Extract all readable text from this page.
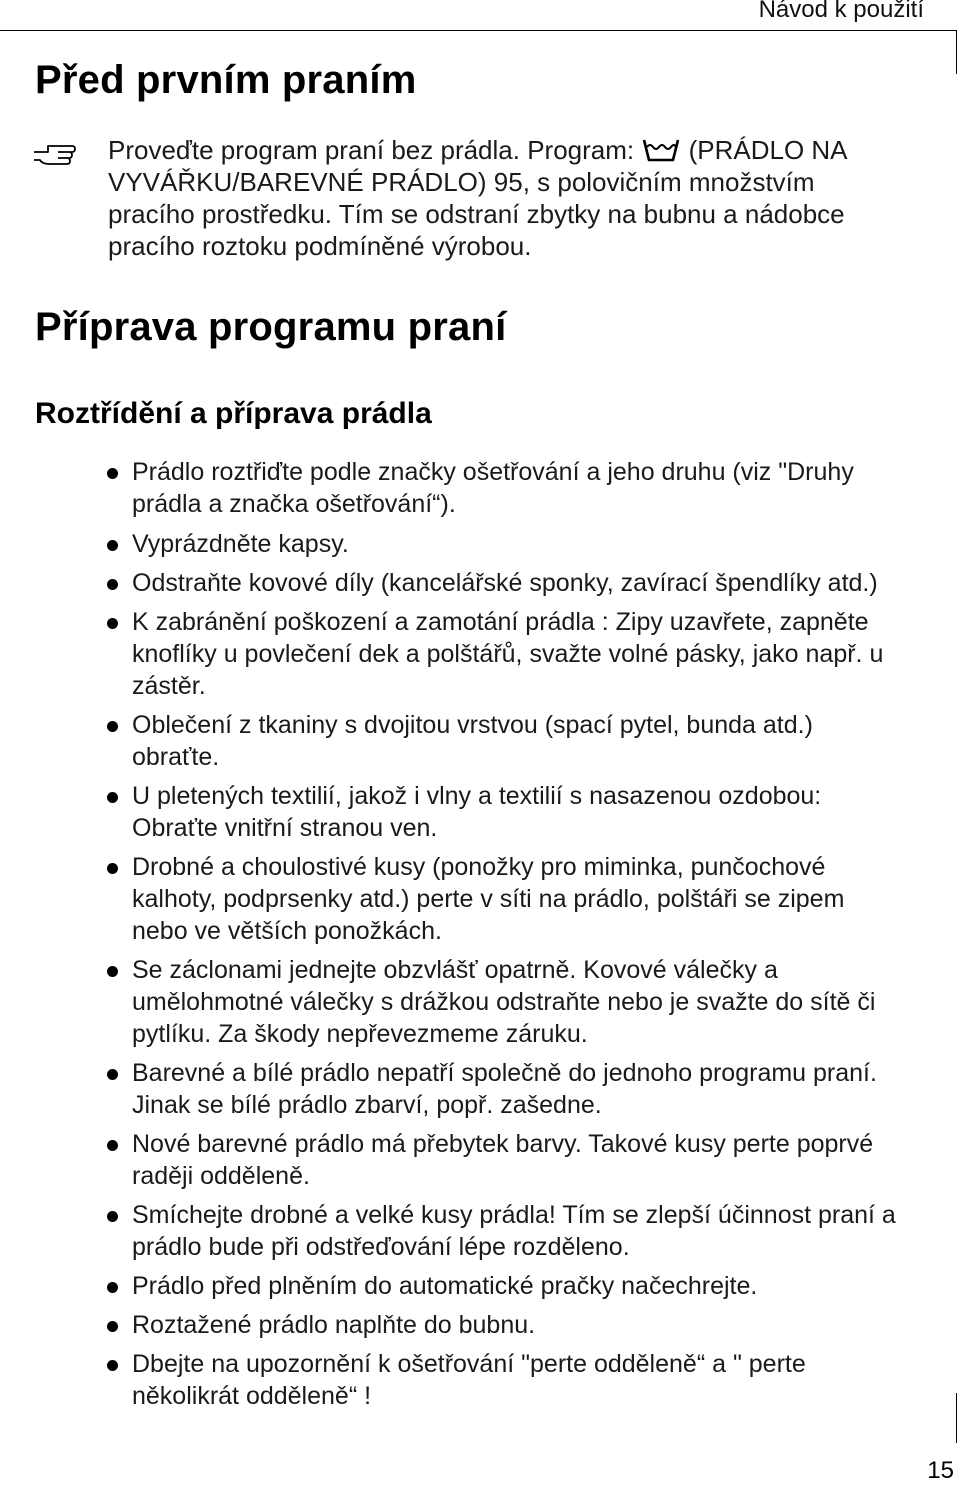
Návod k použití
Před prvním praním
Proveďte program praní bez prádla. Program: (PRÁDLO NA VYVÁŘKU/BAREVNÉ PRÁDLO) 95, s polovičním množstvím pracího prostředku. Tím se odstraní zbytky na bubnu a nádobce pracího roztoku podmíněné výrobou.
Příprava programu praní
Roztřídění a příprava prádla
Prádlo roztřiďte podle značky ošetřování a jeho druhu (viz "Druhy prádla a značka ošetřování“).
Vyprázdněte kapsy.
Odstraňte kovové díly (kancelářské sponky, zavírací špendlíky atd.)
K zabránění poškození a zamotání prádla : Zipy uzavřete, zapněte knoflíky u povlečení dek a polštářů, svažte volné pásky, jako např. u zástěr.
Oblečení z tkaniny s dvojitou vrstvou (spací pytel, bunda atd.) obraťte.
U pletených textilií, jakož i vlny a textilií s nasazenou ozdobou: Obraťte vnitřní stranou ven.
Drobné a choulostivé kusy (ponožky pro miminka, punčochové kalhoty, podprsenky atd.) perte v síti na prádlo, polštáři se zipem nebo ve větších ponožkách.
Se záclonami jednejte obzvlášť opatrně. Kovové válečky a umělohmotné válečky s drážkou odstraňte nebo je svažte do sítě či pytlíku. Za škody nepřevezmeme záruku.
Barevné a bílé prádlo nepatří společně do jednoho programu praní. Jinak se bílé prádlo zbarví, popř. zašedne.
Nové barevné prádlo má přebytek barvy. Takové kusy perte poprvé raději odděleně.
Smíchejte drobné a velké kusy prádla! Tím se zlepší účinnost praní a prádlo bude při odstřeďování lépe rozděleno.
Prádlo před plněním do automatické pračky načechrejte.
Roztažené prádlo naplňte do bubnu.
Dbejte na upozornění k ošetřování "perte odděleně“ a " perte několikrát odděleně“ !
15
